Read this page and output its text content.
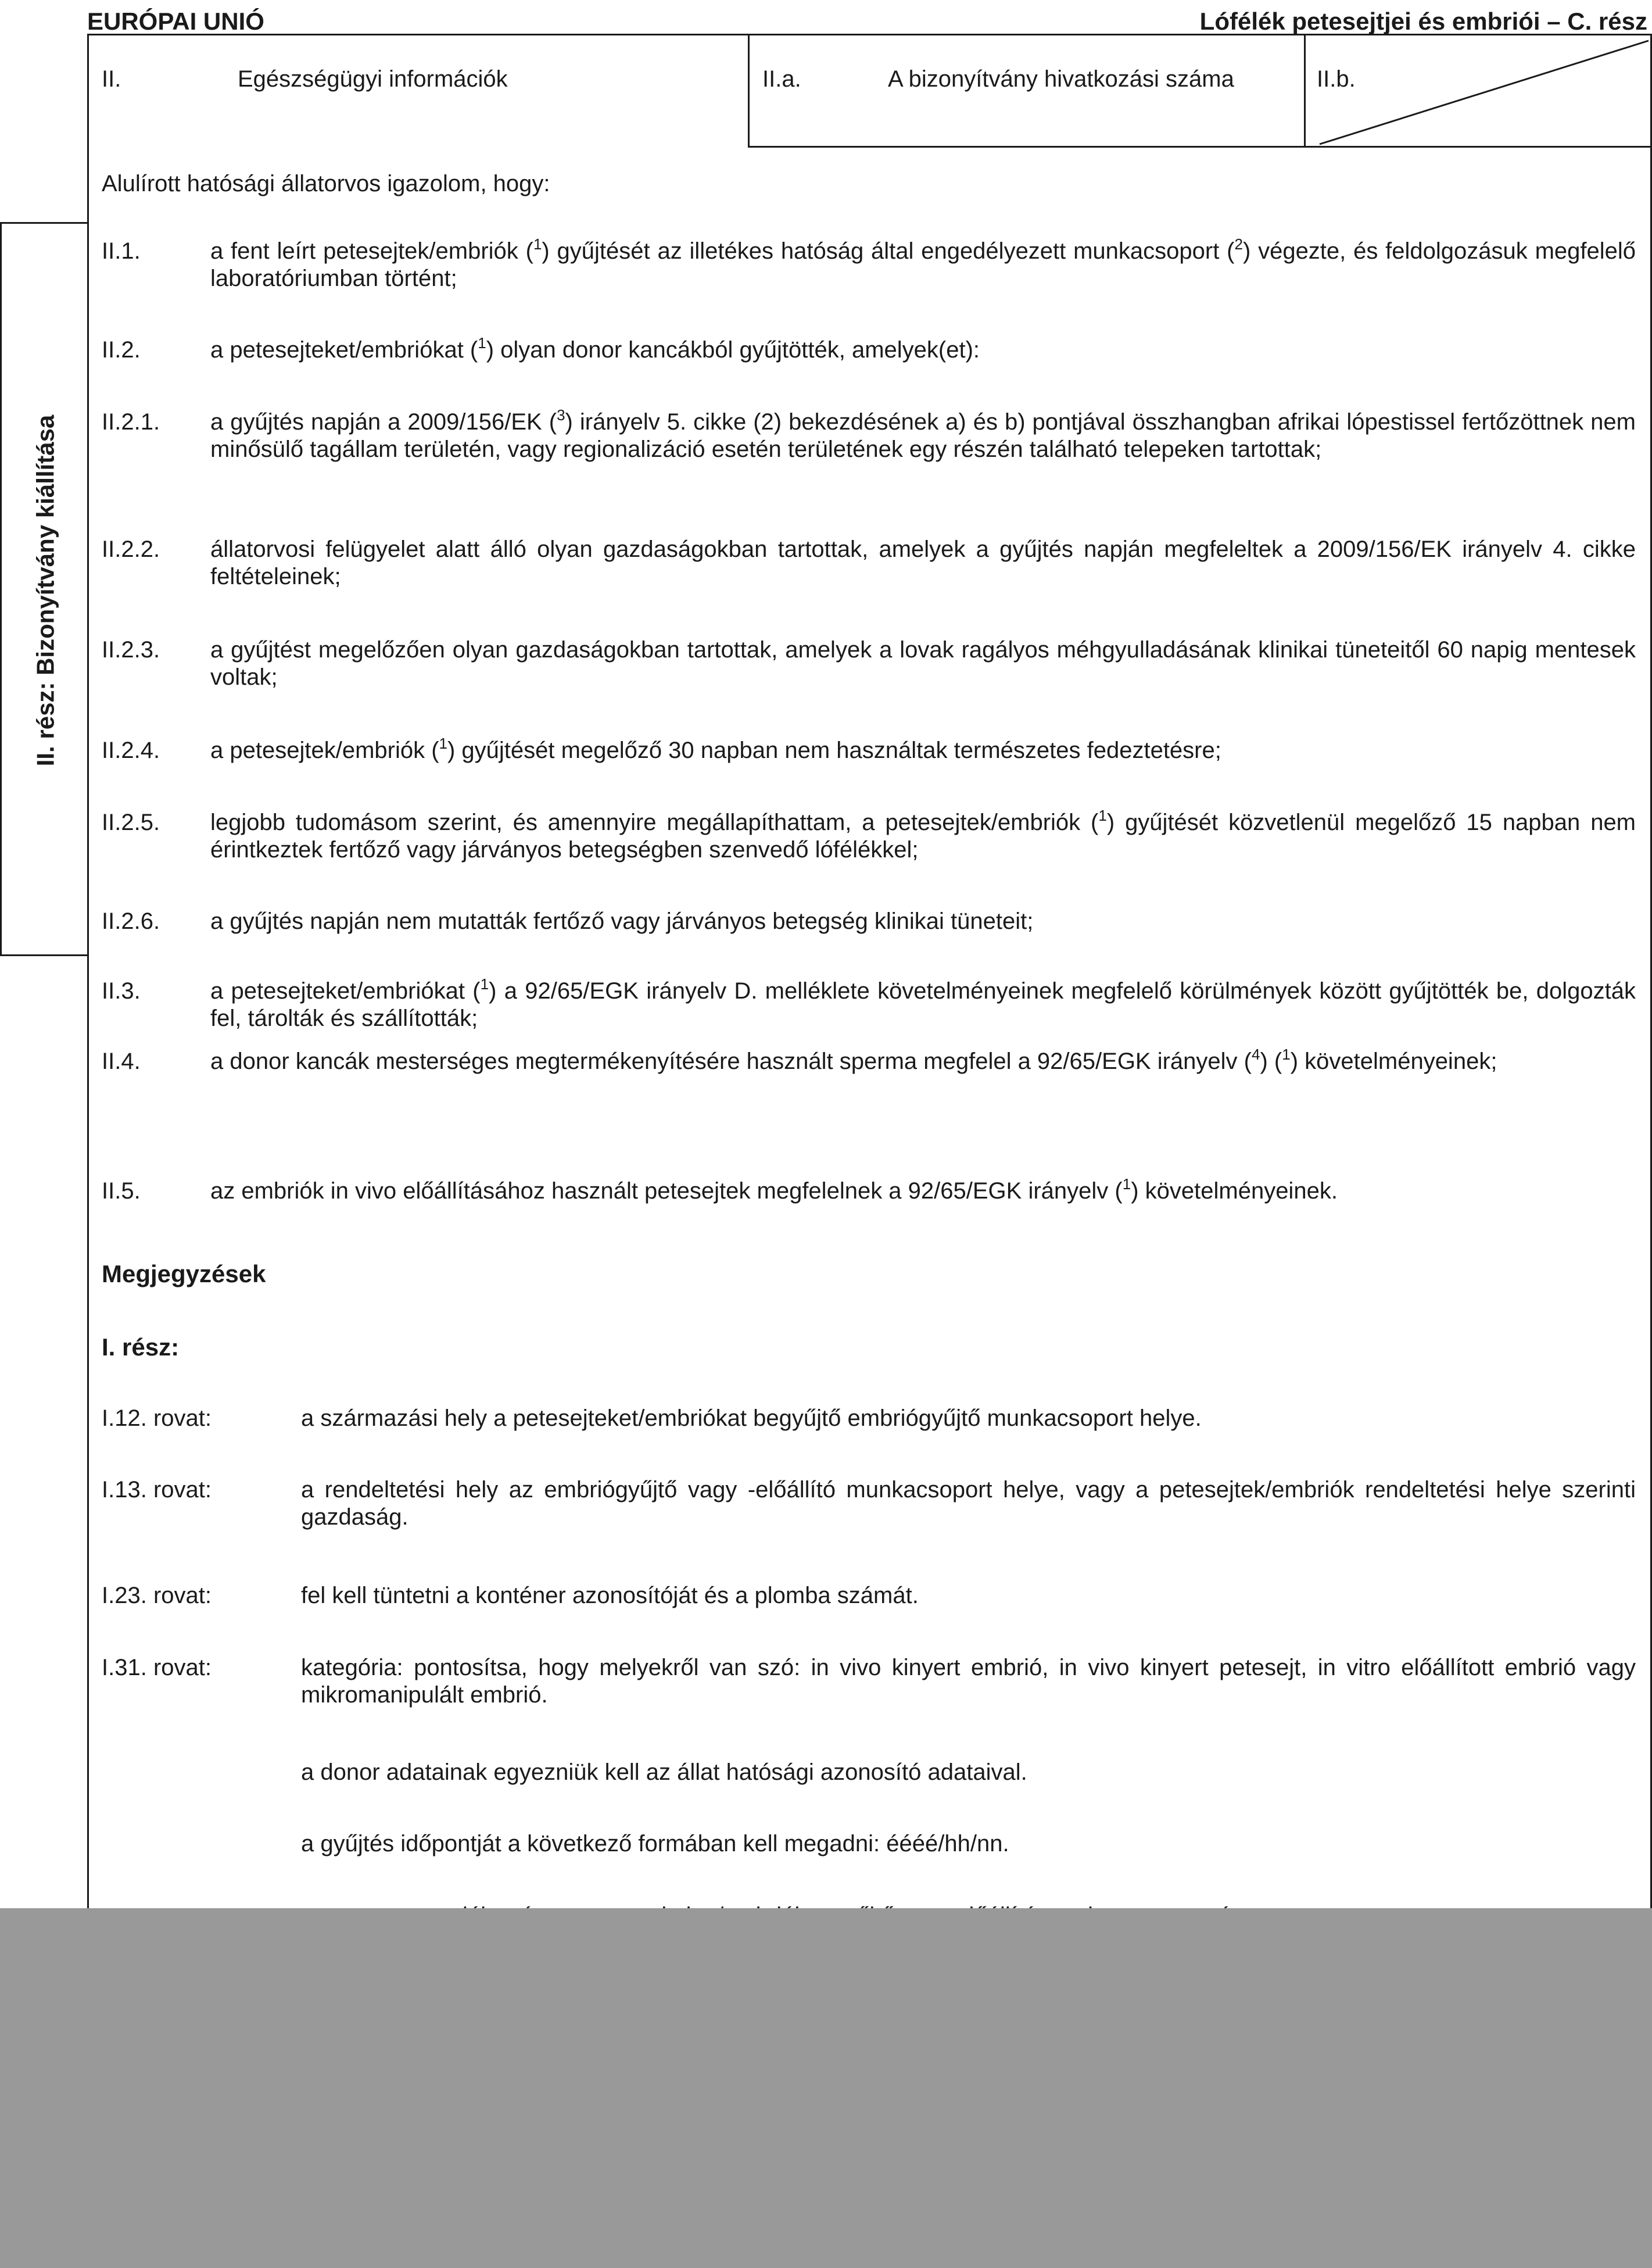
EURÓPAI UNIÓ	Lófélék petesejtjei és embriói – C. rész
II.	Egészségügyi információk	II.a.	A bizonyítvány hivatkozási száma	II.b.
II. rész: Bizonyítvány kiállítása
Alulírott hatósági állatorvos igazolom, hogy:
II.1.	a fent leírt petesejtek/embriók ($^1$) gyűjtését az illetékes hatóság által engedélyezett munkacsoport ($^2$) végezte, és feldolgozásuk megfelelő laboratóriumban történt;
II.2.	a petesejteket/embriókat ($^1$) olyan donor kancákból gyűjtötték, amelyek(et):
II.2.1.	a gyűjtés napján a 2009/156/EK ($^3$) irányelv 5. cikke (2) bekezdésének a) és b) pontjával összhangban afrikai lópestissel fertőzöttnek nem minősülő tagállam területén, vagy regionalizáció esetén területének egy részén található telepeken tartottak;
II.2.2.	állatorvosi felügyelet alatt álló olyan gazdaságokban tartottak, amelyek a gyűjtés napján megfeleltek a 2009/156/EK irányelv 4. cikke feltételeinek;
II.2.3.	a gyűjtést megelőzően olyan gazdaságokban tartottak, amelyek a lovak ragályos méhgyulladásának klinikai tüneteitől 60 napig mentesek voltak;
II.2.4.	a petesejtek/embriók ($^1$) gyűjtését megelőző 30 napban nem használtak természetes fedeztetésre;
II.2.5.	legjobb tudomásom szerint, és amennyire megállapíthattam, a petesejtek/embriók ($^1$) gyűjtését közvetlenül megelőző 15 napban nem érintkeztek fertőző vagy járványos betegségben szenvedő lófélékkel;
II.2.6.	a gyűjtés napján nem mutatták fertőző vagy járványos betegség klinikai tüneteit;
II.3.	a petesejteket/embriókat ($^1$) a 92/65/EGK irányelv D. melléklete követelményeinek megfelelő körülmények között gyűjtötték be, dolgozták fel, tárolták és szállították;
II.4.	a donor kancák mesterséges megtermékenyítésére használt sperma megfelel a 92/65/EGK irányelv ($^4$) ($^1$) követelményeinek;
II.5.	az embriók in vivo előállításához használt petesejtek megfelelnek a 92/65/EGK irányelv ($^1$) követelményeinek.
Megjegyzések
I. rész:
I.12. rovat:	a származási hely a petesejteket/embriókat begyűjtő embriógyűjtő munkacsoport helye.
I.13. rovat:	a rendeltetési hely az embriógyűjtő vagy -előállító munkacsoport helye, vagy a petesejtek/embriók rendeltetési helye szerinti gazdaság.
I.23. rovat:	fel kell tüntetni a konténer azonosítóját és a plomba számát.
I.31. rovat:	kategória: pontosítsa, hogy melyekről van szó: in vivo kinyert embrió, in vivo kinyert petesejt, in vitro előállított embrió vagy mikromanipulált embrió.
a donor adatainak egyezniük kell az állat hatósági azonosító adataival.
a gyűjtés időpontját a következő formában kell megadni: éééé/hh/nn.
